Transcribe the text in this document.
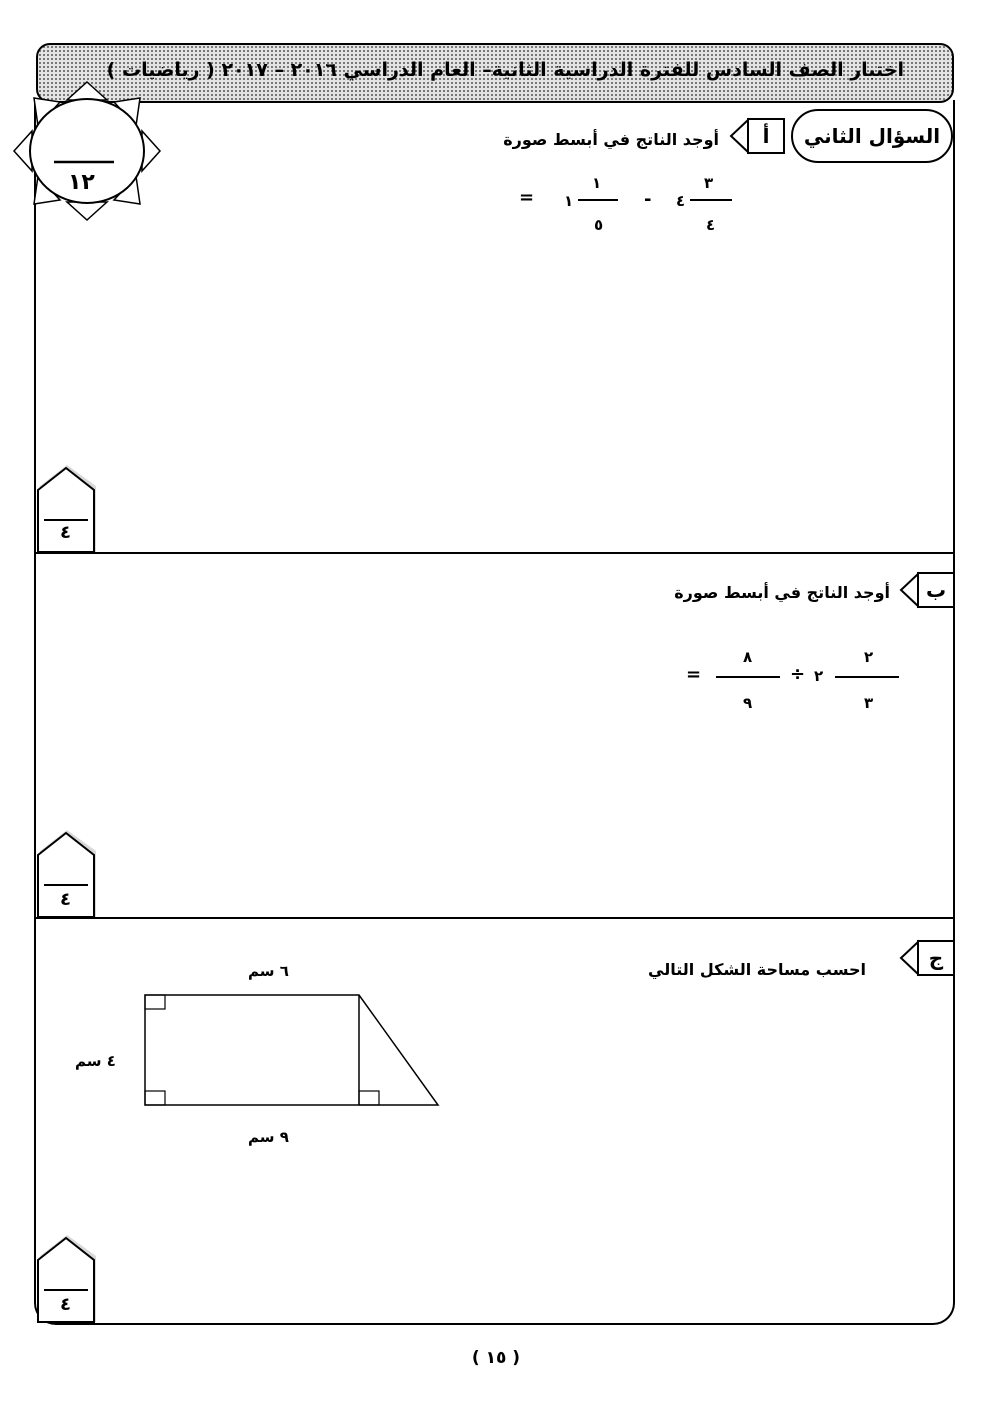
اختبار الصف السادس للفترة الدراسية الثانية– العام الدراسي ٢٠١٦ – ٢٠١٧ ( رياضيات )
١٢
السؤال الثاني
أ
أوجد الناتج في أبسط صورة
٣
٤
٤
-
١
٥
١
=
٤
ب
أوجد الناتج في أبسط صورة
٢
٣
٢
÷
٨
٩
=
٤
ج
احسب مساحة الشكل التالي
٦ سم
٤ سم
٩ سم
٤
( ١٥ )
